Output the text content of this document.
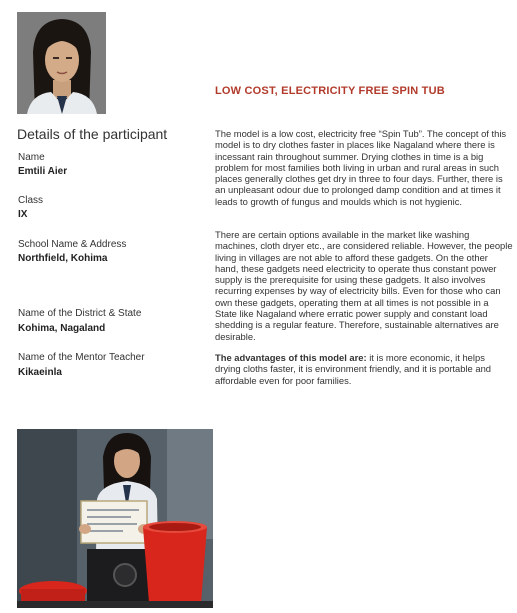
Details of the participant
Name
Emtili Aier
Class
IX
School Name & Address
Northfield, Kohima
Name of the District & State
Kohima, Nagaland
Name of the Mentor Teacher
Kikaeinla
LOW COST, ELECTRICITY FREE SPIN TUB
The model is a low cost, electricity free “Spin Tub”. The concept of this model is to dry clothes faster in places like Nagaland where there is incessant rain throughout summer. Drying clothes in time is a big problem for most families both living in urban and rural areas in such places generally clothes get dry in three to four days. Further, there is an unpleasant odour due to prolonged damp condition and at times it leads to growth of fungus and moulds which is not hygienic.
There are certain options available in the market like washing machines, cloth dryer etc., are considered reliable. However, the people living in villages are not able to afford these gadgets. On the other hand, these gadgets need electricity to operate thus constant power supply is the prerequisite for using these gadgets. It also involves recurring expenses by way of electricity bills. Even for those who can own these gadgets, operating them at all times is not possible in a State like Nagaland where erratic power supply and constant load shedding is a regular feature. Therefore, sustainable alternatives are desirable.
The advantages of this model are: it is more economic, it helps drying cloths faster, it is environment friendly, and it is portable and affordable even for poor families.
